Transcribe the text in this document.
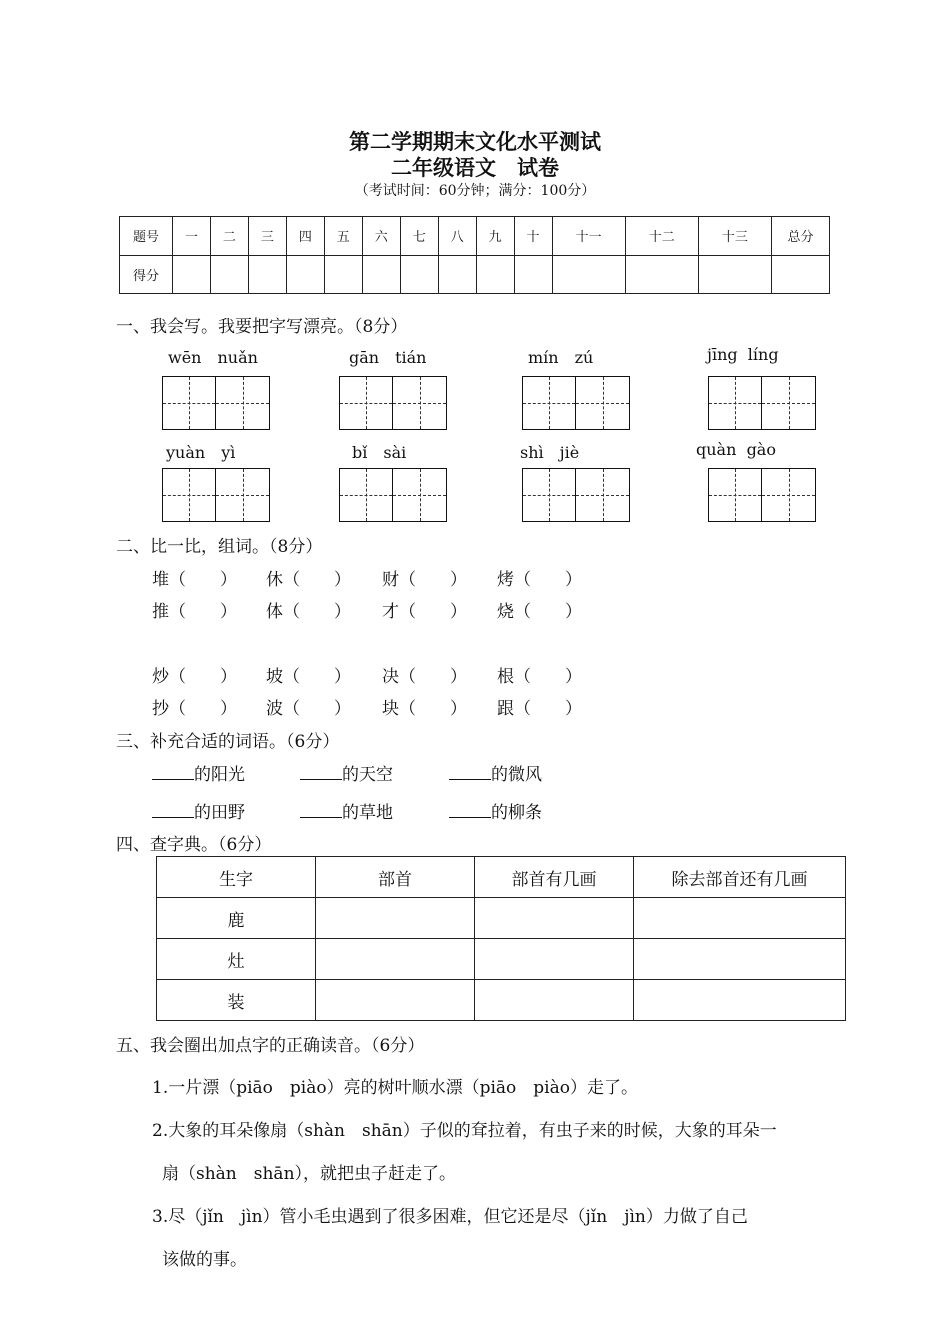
第二学期期末文化水平测试
二年级语文　试卷
（考试时间：60分钟；满分：100分）
题号	一	二	三	四	五	六	七	八	九	十	十一	十二	十三	总分
得分														
一、我会写。我要把字写漂亮。（8分）
wēn　nuǎn	gān　tián	mín　zú	jīng  líng
yuàn　yì	bǐ　sài	shì　jiè	quàn  gào
二、比一比，组词。（8分）
堆（　　） 休（　　） 财（　　） 烤（　　）
推（　　） 体（　　） 才（　　） 烧（　　）
炒（　　） 坡（　　） 决（　　） 根（　　）
抄（　　） 波（　　） 块（　　） 跟（　　）
三、补充合适的词语。（6分）
的阳光	的天空	的微风
的田野	的草地	的柳条
四、查字典。（6分）
生字	部首	部首有几画	除去部首还有几画
鹿			
灶			
装			
五、我会圈出加点字的正确读音。（6分）
1.一片漂（piāo　piào）亮的树叶顺水漂（piāo　piào）走了。
2.大象的耳朵像扇（shàn　shān）子似的耷拉着，有虫子来的时候，大象的耳朵一
扇（shàn　shān），就把虫子赶走了。
3.尽（jǐn　jìn）管小毛虫遇到了很多困难，但它还是尽（jǐn　jìn）力做了自己
该做的事。
